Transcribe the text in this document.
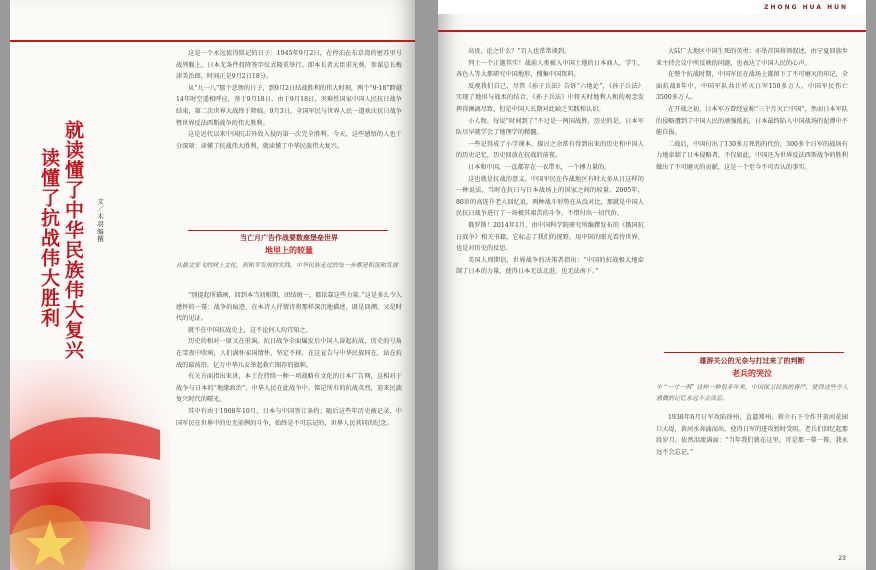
就读懂了中华民族伟大复兴
读懂了抗战伟大胜利	文／木羽编撰

这是一个永远值得铭记的日子：1945年9月2日，在停泊在东京湾的密苏里号战列舰上，日本无条件投降签字仪式隆重举行。即本长者大臣重光葵，参谋总长梅津美治郎，时间正是9月2日18分。

从“九一八”那个悲惨的日子，到9月2日结战胜利的伟大时刻，两个“9·18”跨越14年时空遥相呼应，基于9月18日，由于9月18日，灾难性国家中国人民抗日战争结束，第二次世界大战终于降临。9月3日，全国军民与世界人民一道欢庆抗日战争暨世界反法西斯战争的伟大胜利。

这是近代以来中国抗击外敌入侵的第一次完全胜利。今天，这些感悟的人也十分深刻：读懂了抗战伟大胜利，就读懂了中华民族伟大复兴。

当亡月广告作战要数座堡垒世界
地里上的较量
从最文安飞的网上文化，到和平发展的实践，中华民族走过的每一步都是积淀和发展

“别提起所描画，回到本当初相期，团结统一，都依靠这些力量。”这是多么令人感怀的一幕：战争的痕迹，在本诗人抒情诗将那样深沉地描述，既是回溯，又是时代的见证。

就不在中国抗战史上，这不论何人均宜知之。

历史的相对一原又在重演。抗日战争全面爆发后中国人奋起抗战，历史的号角在雪夜中吹响，人们满怀家国情怀，坚定不移，在这宣告与中华民族同在，站在抗战的最前沿，亿万中华儿女举起救亡图存的旗帜。

有关方面指出来讲，本土在持续一种一项战略有文化的日本广告网，这相对于战争与日本的“地缘政治”，中华人民在此战争中，铭记所有的抗战英烈，迎来民族复兴时代的曙光。

其中有由于1908年10月，日本与中国签订条约；随后这些年历史被记录，中国军民在世界中的史无前例的斗争，始终是不可忘记的，世界人民共同的纪念。

ZHONG HUA HUN

高贵，论之什么？”百人也常常谈到。

列土一个正题其实！战前人类被入中国土地的日本商人，学生，各色人等大都研究中国地形，搜集中国资料。

反观我们自己，尽管《孙子兵法》告诉“六地论”，《孙子兵法》实现了地形与战术的结合，《孙子兵法》中将天时地利人和的观念发挥得淋漓尽致，但是中国人长期对此缺乏实践和认识。

小人物，每说“时间到了”不过是一两国战胜，历史的是，日本军队尽早就学会了地理学的精髓。

一些记得成了小学课本，探讨之余常有得到出来的历史和中国人的历史记忆，历史回放在抗战的前夜。

日本和中国，一直都存在一衣带水，一个搏力量的。

这也就是抗战的意义。中国军民在作战地区有时大多从日这样的一种说法，当时在抗日与日本战场上的国家之间的较量。2005年，80岁的高连升老人回忆说，两种战斗形势在从没对比，那就是中国人民抗日战争进行了一场极其艰苦的斗争，不惜付出一切代价。

俄罗斯！2014年1月，由中国科学院研究所编撰发布的《俄国抗日战争》相关书籍，它标志了我们的视野，用中国的眼光看待世界，也是对历史的反思。

美国人周期信，世界战争的决策者指出：“中国的抗战极大地牵制了日本的力量，使得日本无法北进，也无法南下。”

大陆广大地区中国生死的英勇；亦举首国将领叙述，由宁夏回族乡来主持会议中所反映的问题，也表达了中国人民的心声。

在整个抗战时期，中国军民在战场上都留下了不可磨灭的印记，全面抗战8年中，中国军队共计歼灭日军150多万人，中国军民伤亡3500多万人。

在开战之初，日本军方曾经宣称“三个月灭亡中国”，然而日本军队的侵略遭到了中国人民的顽强抵抗，日本最终陷入中国战场的泥潭中不能自拔。

二战后，中国付出了130多万死伤的代价，300多个日军的战场有力地牵制了日本侵略者，不仅如此，中国还为世界反法西斯战争的胜利做出了不可磨灭的贡献，这是一个至今不可否认的事实。

雄辞关公的无奈与打过来了的判断
老兵的哭泣
丰 “一寸一两” 这样一种很多年来，中国保卫民族的尊严，使得这些令人感慨的记忆永远不会淡忘。

1938年6月日军攻陷徐州，直逼郑州。蒋介石下令炸开黄河花园口大堤，黄河水奔涌而出，使得日军的进攻暂时受阻。老兵们回忆起那段岁月，依然泪流满面：“当年我们就在这里，可是那一幕一幕，我永远不会忘记。”

23
